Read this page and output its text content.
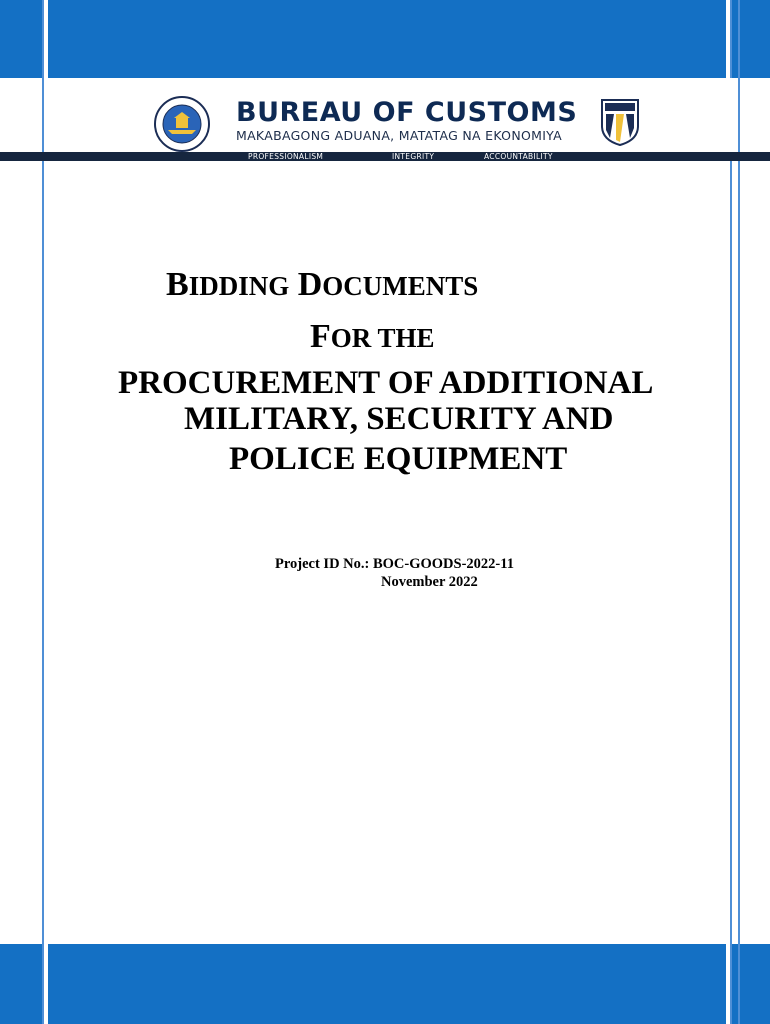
BUREAU OF CUSTOMS
MAKABAGONG ADUANA, MATATAG NA EKONOMIYA
PROFESSIONALISM	INTEGRITY	ACCOUNTABILITY
BIDDING DOCUMENTS
FOR THE
PROCUREMENT OF ADDITIONAL
MILITARY, SECURITY AND
POLICE EQUIPMENT
Project ID No.: BOC-GOODS-2022-11
November 2022
